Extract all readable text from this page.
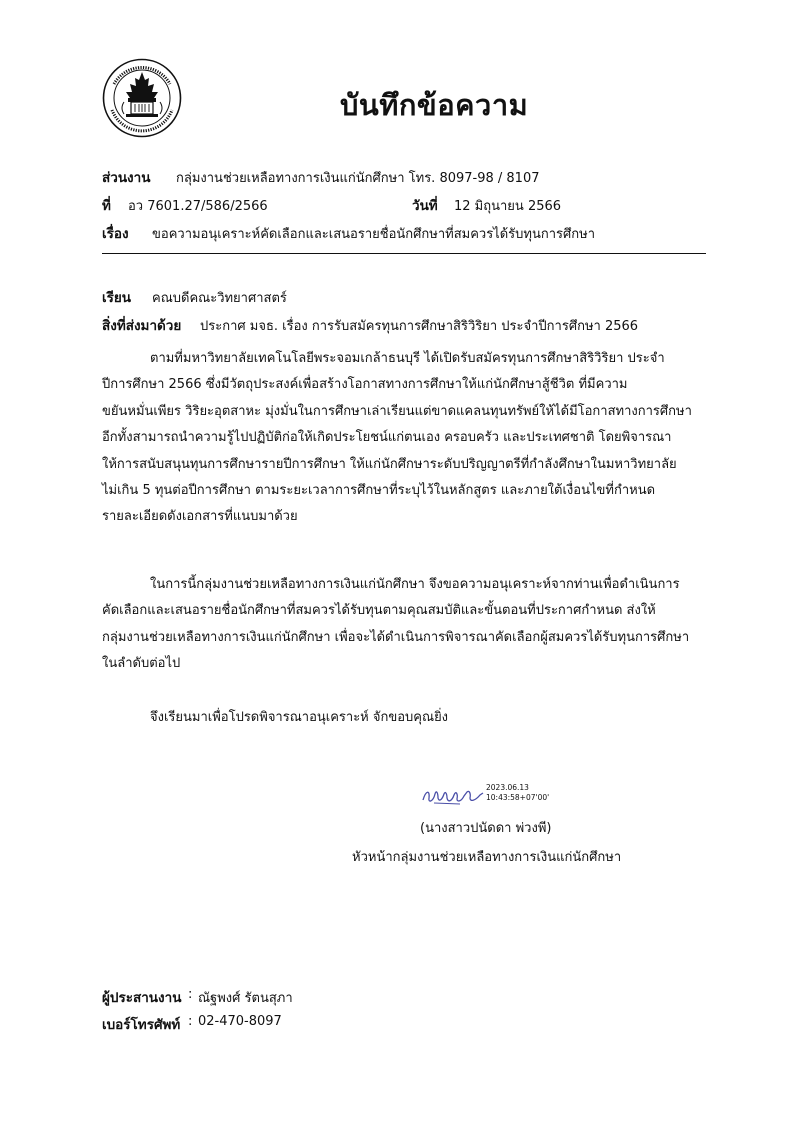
บันทึกข้อความ
ส่วนงาน กลุ่มงานช่วยเหลือทางการเงินแก่นักศึกษา โทร. 8097-98 / 8107
ที่ อว 7601.27/586/2566	วันที่ 12 มิถุนายน 2566
เรื่อง ขอความอนุเคราะห์คัดเลือกและเสนอรายชื่อนักศึกษาที่สมควรได้รับทุนการศึกษา
เรียน คณบดีคณะวิทยาศาสตร์
สิ่งที่ส่งมาด้วย ประกาศ มจธ. เรื่อง การรับสมัครทุนการศึกษาสิริวิริยา ประจำปีการศึกษา 2566
ตามที่มหาวิทยาลัยเทคโนโลยีพระจอมเกล้าธนบุรี ได้เปิดรับสมัครทุนการศึกษาสิริวิริยา ประจำ
ปีการศึกษา 2566 ซึ่งมีวัตถุประสงค์เพื่อสร้างโอกาสทางการศึกษาให้แก่นักศึกษาสู้ชีวิต ที่มีความ
ขยันหมั่นเพียร วิริยะอุตสาหะ มุ่งมั่นในการศึกษาเล่าเรียนแต่ขาดแคลนทุนทรัพย์ให้ได้มีโอกาสทางการศึกษา
อีกทั้งสามารถนำความรู้ไปปฏิบัติก่อให้เกิดประโยชน์แก่ตนเอง ครอบครัว และประเทศชาติ โดยพิจารณา
ให้การสนับสนุนทุนการศึกษารายปีการศึกษา ให้แก่นักศึกษาระดับปริญญาตรีที่กำลังศึกษาในมหาวิทยาลัย
ไม่เกิน 5 ทุนต่อปีการศึกษา ตามระยะเวลาการศึกษาที่ระบุไว้ในหลักสูตร และภายใต้เงื่อนไขที่กำหนด
รายละเอียดดังเอกสารที่แนบมาด้วย
ในการนี้กลุ่มงานช่วยเหลือทางการเงินแก่นักศึกษา จึงขอความอนุเคราะห์จากท่านเพื่อดำเนินการ
คัดเลือกและเสนอรายชื่อนักศึกษาที่สมควรได้รับทุนตามคุณสมบัติและขั้นตอนที่ประกาศกำหนด ส่งให้
กลุ่มงานช่วยเหลือทางการเงินแก่นักศึกษา เพื่อจะได้ดำเนินการพิจารณาคัดเลือกผู้สมควรได้รับทุนการศึกษา
ในลำดับต่อไป
จึงเรียนมาเพื่อโปรดพิจารณาอนุเคราะห์ จักขอบคุณยิ่ง
2023.06.13
10:43:58+07'00'
(นางสาวปนัดดา พ่วงพี)
หัวหน้ากลุ่มงานช่วยเหลือทางการเงินแก่นักศึกษา
ผู้ประสานงาน : ณัฐพงศ์ รัตนสุภา
เบอร์โทรศัพท์ : 02-470-8097
